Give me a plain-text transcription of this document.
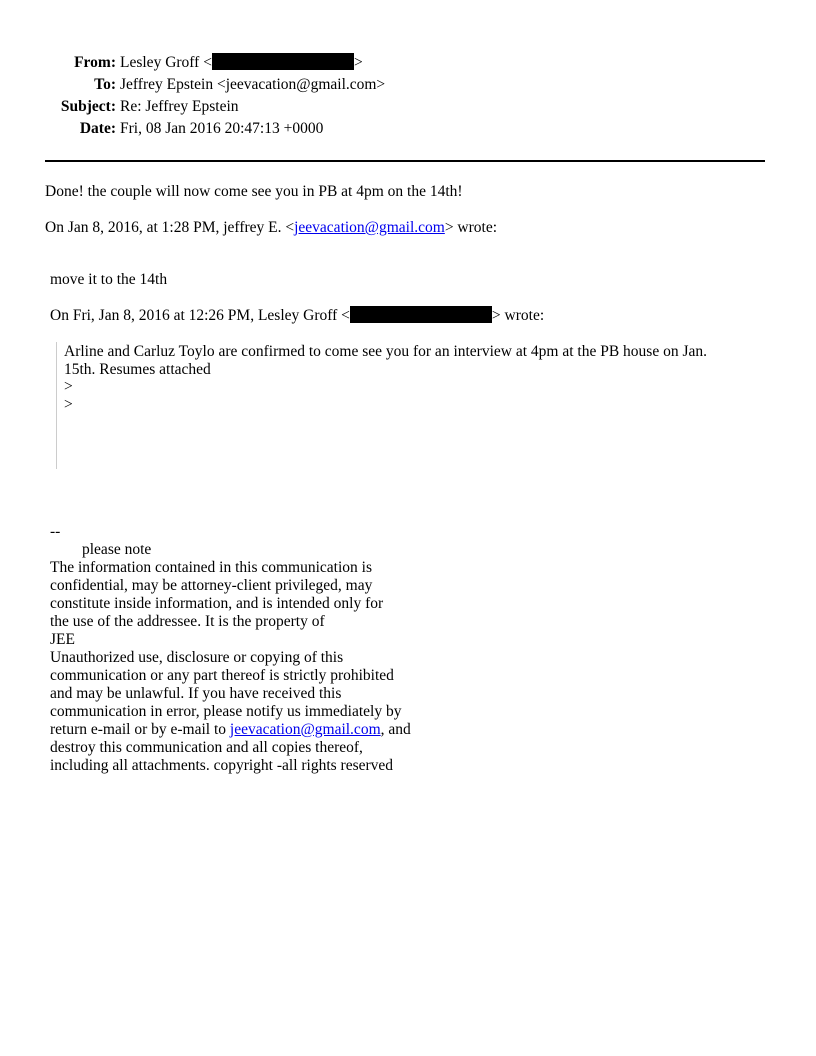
From: Lesley Groff <	>
To: Jeffrey Epstein <jeevacation@gmail.com>
Subject: Re: Jeffrey Epstein
Date: Fri, 08 Jan 2016 20:47:13 +0000
Done! the couple will now come see you in PB at 4pm on the 14th!
On Jan 8, 2016, at 1:28 PM, jeffrey E. <jeevacation@gmail.com> wrote:
move it to the 14th
On Fri, Jan 8, 2016 at 12:26 PM, Lesley Groff <	> wrote:
Arline and Carluz Toylo are confirmed to come see you for an interview at 4pm at the PB house on Jan.
15th. Resumes attached
>
>
--
please note
The information contained in this communication is
confidential, may be attorney-client privileged, may
constitute inside information, and is intended only for
the use of the addressee. It is the property of
JEE
Unauthorized use, disclosure or copying of this
communication or any part thereof is strictly prohibited
and may be unlawful. If you have received this
communication in error, please notify us immediately by
return e-mail or by e-mail to jeevacation@gmail.com, and
destroy this communication and all copies thereof,
including all attachments. copyright -all rights reserved
